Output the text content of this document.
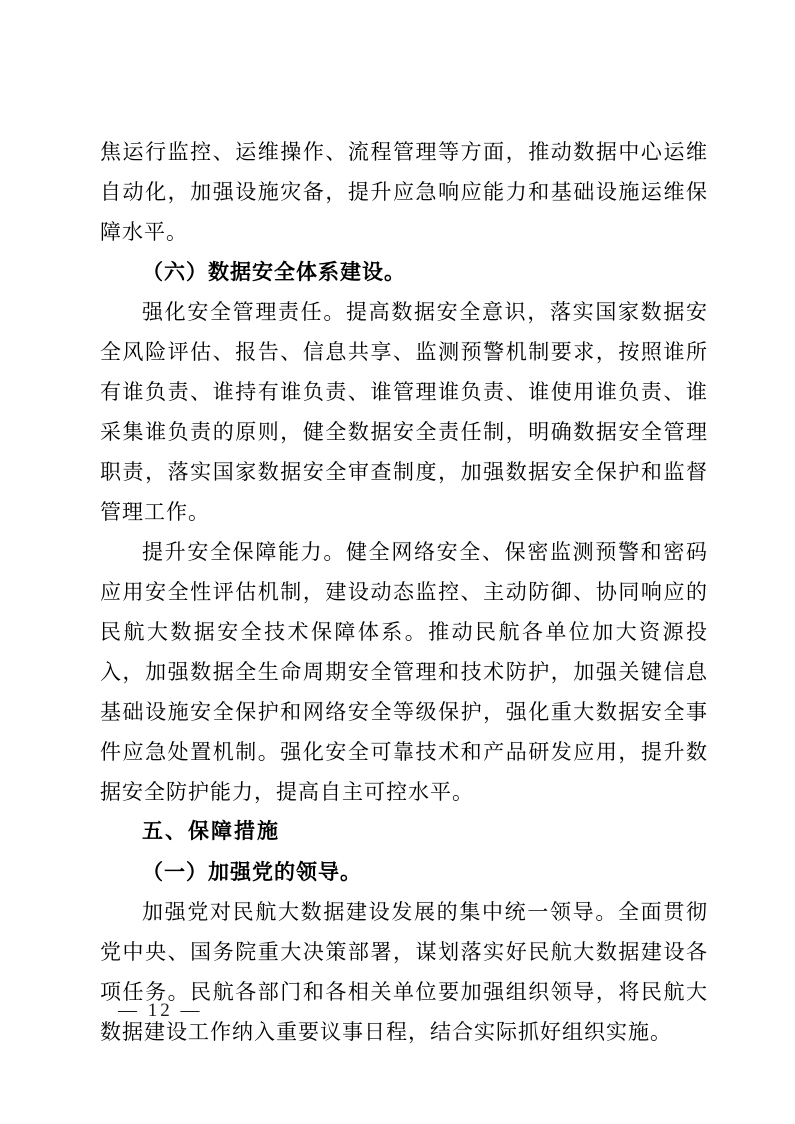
焦运行监控、运维操作、流程管理等方面，推动数据中心运维自动化，加强设施灾备，提升应急响应能力和基础设施运维保障水平。

（六）数据安全体系建设。

强化安全管理责任。提高数据安全意识，落实国家数据安全风险评估、报告、信息共享、监测预警机制要求，按照谁所有谁负责、谁持有谁负责、谁管理谁负责、谁使用谁负责、谁采集谁负责的原则，健全数据安全责任制，明确数据安全管理职责，落实国家数据安全审查制度，加强数据安全保护和监督管理工作。

提升安全保障能力。健全网络安全、保密监测预警和密码应用安全性评估机制，建设动态监控、主动防御、协同响应的民航大数据安全技术保障体系。推动民航各单位加大资源投入，加强数据全生命周期安全管理和技术防护，加强关键信息基础设施安全保护和网络安全等级保护，强化重大数据安全事件应急处置机制。强化安全可靠技术和产品研发应用，提升数据安全防护能力，提高自主可控水平。

五、保障措施

（一）加强党的领导。

加强党对民航大数据建设发展的集中统一领导。全面贯彻党中央、国务院重大决策部署，谋划落实好民航大数据建设各项任务。民航各部门和各相关单位要加强组织领导，将民航大数据建设工作纳入重要议事日程，结合实际抓好组织实施。

— 12 —
